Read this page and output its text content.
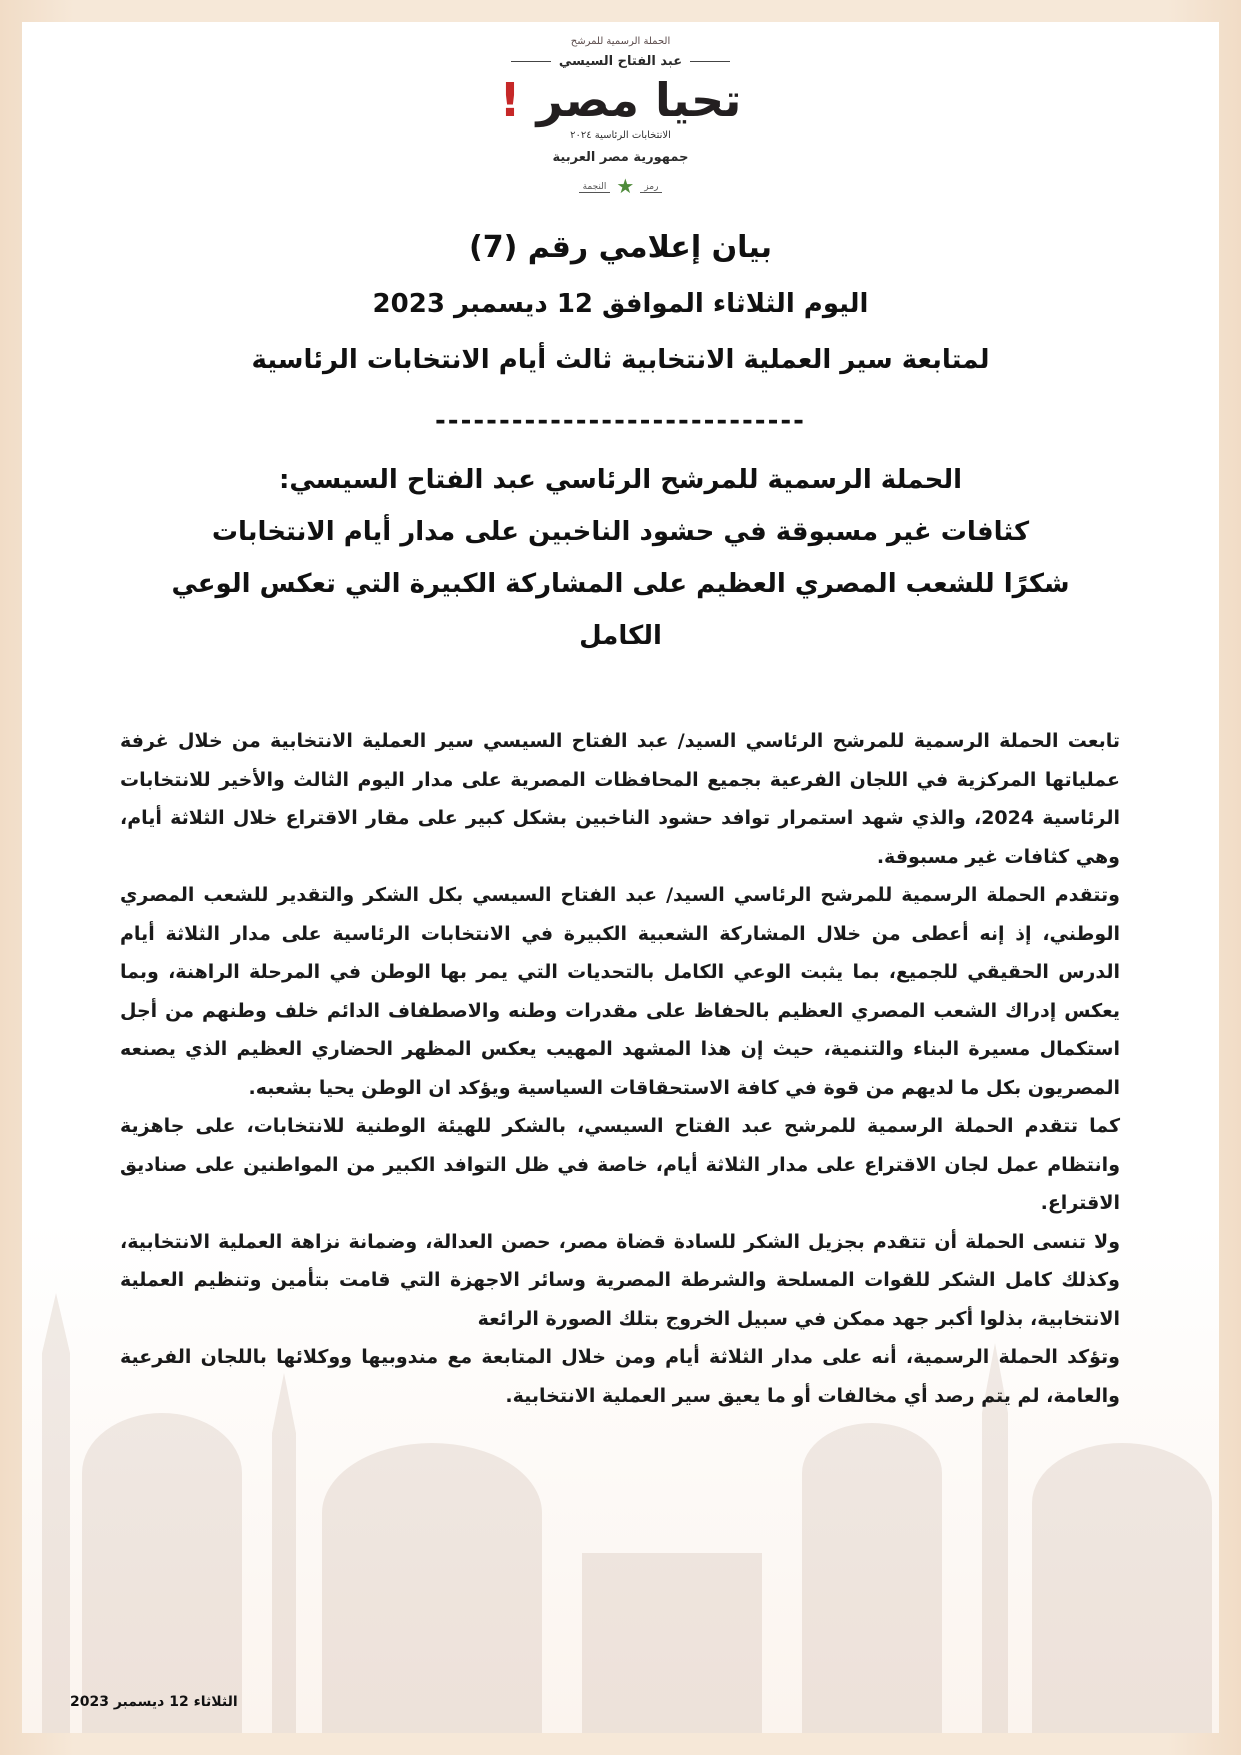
الحملة الرسمية للمرشح
عبد الفتاح السيسي
! تحيا مصر
الانتخابات الرئاسية ٢٠٢٤
جمهورية مصر العربية
النجمة ★ رمز
بيان إعلامي رقم (7)
اليوم الثلاثاء الموافق 12 ديسمبر 2023
لمتابعة سير العملية الانتخابية ثالث أيام الانتخابات الرئاسية
-----------------------------
الحملة الرسمية للمرشح الرئاسي عبد الفتاح السيسي:
كثافات غير مسبوقة في حشود الناخبين على مدار أيام الانتخابات
شكرًا للشعب المصري العظيم على المشاركة الكبيرة التي تعكس الوعي الكامل

تابعت الحملة الرسمية للمرشح الرئاسي السيد/ عبد الفتاح السيسي سير العملية الانتخابية من خلال غرفة عملياتها المركزية في اللجان الفرعية بجميع المحافظات المصرية على مدار اليوم الثالث والأخير للانتخابات الرئاسية 2024، والذي شهد استمرار توافد حشود الناخبين بشكل كبير على مقار الاقتراع خلال الثلاثة أيام، وهي كثافات غير مسبوقة.

وتتقدم الحملة الرسمية للمرشح الرئاسي السيد/ عبد الفتاح السيسي بكل الشكر والتقدير للشعب المصري الوطني، إذ إنه أعطى من خلال المشاركة الشعبية الكبيرة في الانتخابات الرئاسية على مدار الثلاثة أيام الدرس الحقيقي للجميع، بما يثبت الوعي الكامل بالتحديات التي يمر بها الوطن في المرحلة الراهنة، وبما يعكس إدراك الشعب المصري العظيم بالحفاظ على مقدرات وطنه والاصطفاف الدائم خلف وطنهم من أجل استكمال مسيرة البناء والتنمية، حيث إن هذا المشهد المهيب يعكس المظهر الحضاري العظيم الذي يصنعه المصريون بكل ما لديهم من قوة في كافة الاستحقاقات السياسية ويؤكد ان الوطن يحيا بشعبه.

كما تتقدم الحملة الرسمية للمرشح عبد الفتاح السيسي، بالشكر للهيئة الوطنية للانتخابات، على جاهزية وانتظام عمل لجان الاقتراع على مدار الثلاثة أيام، خاصة في ظل التوافد الكبير من المواطنين على صناديق الاقتراع.

ولا تنسى الحملة أن تتقدم بجزيل الشكر للسادة قضاة مصر، حصن العدالة، وضمانة نزاهة العملية الانتخابية، وكذلك كامل الشكر للقوات المسلحة والشرطة المصرية وسائر الاجهزة التي قامت بتأمين وتنظيم العملية الانتخابية، بذلوا أكبر جهد ممكن في سبيل الخروج بتلك الصورة الرائعة

وتؤكد الحملة الرسمية، أنه على مدار الثلاثة أيام ومن خلال المتابعة مع مندوبيها ووكلائها باللجان الفرعية والعامة، لم يتم رصد أي مخالفات أو ما يعيق سير العملية الانتخابية.

الثلاثاء 12 ديسمبر 2023
